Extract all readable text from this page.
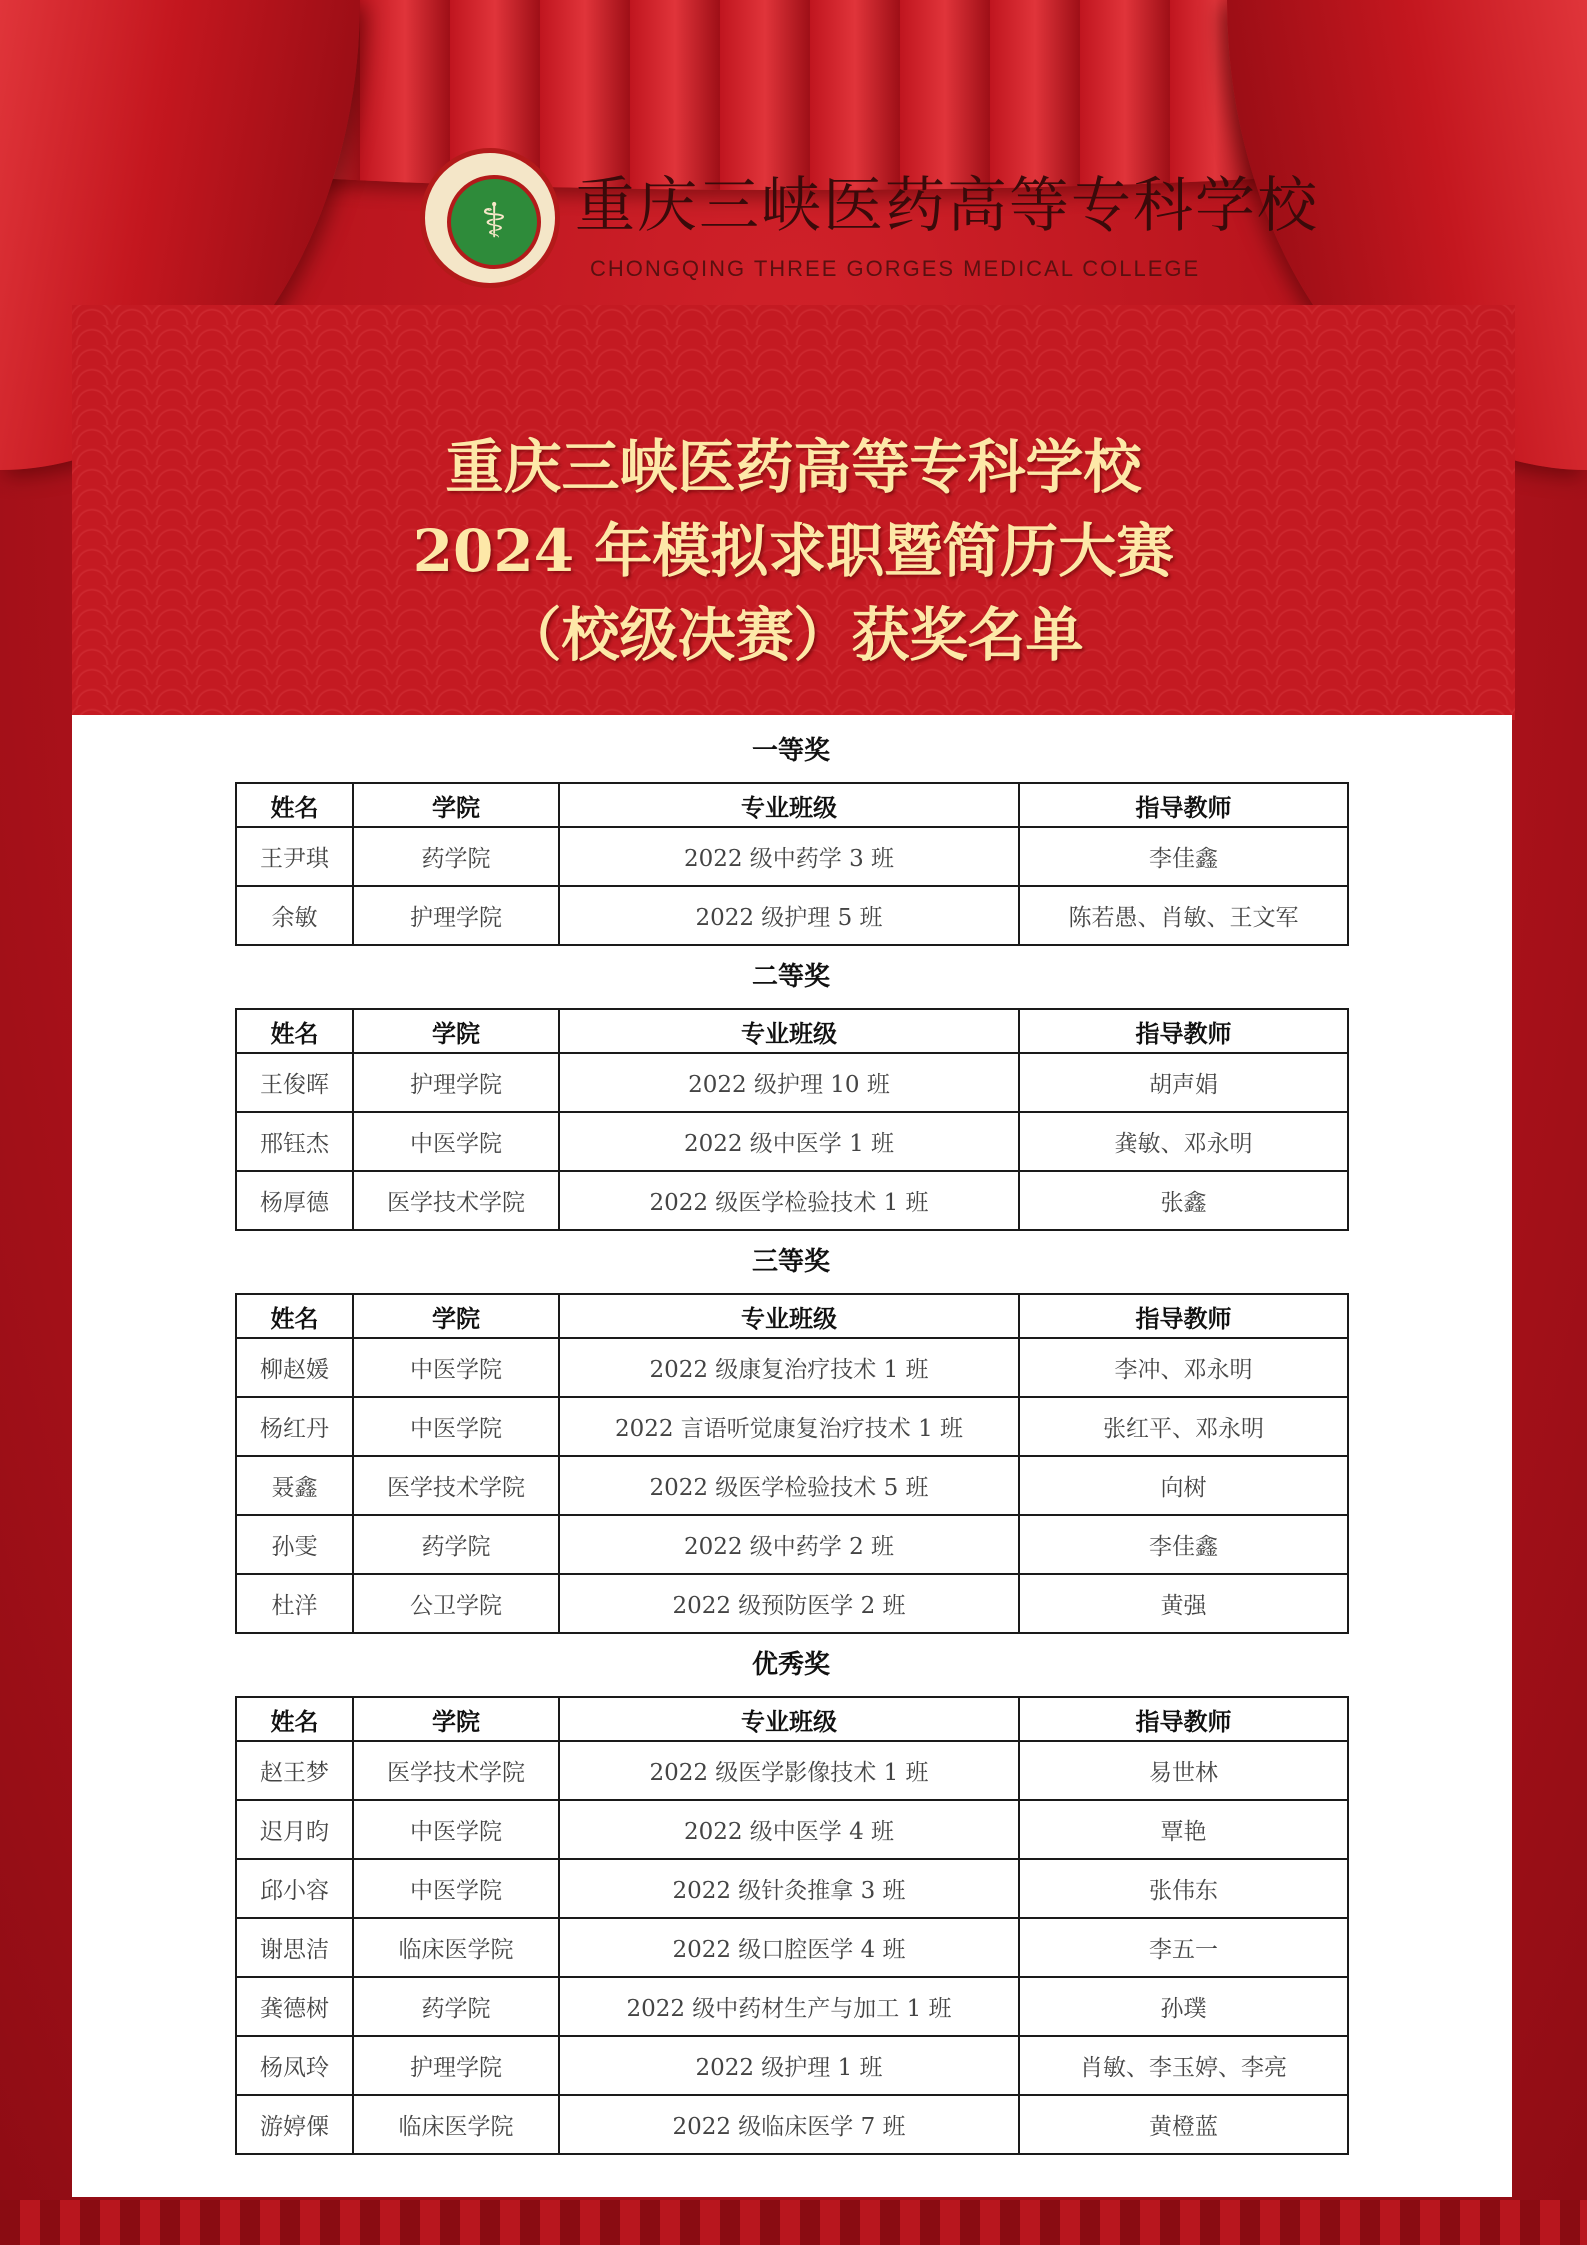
⚕	重庆三峡医药高等专科学校
CHONGQING THREE GORGES MEDICAL COLLEGE
重庆三峡医药高等专科学校
2024 年模拟求职暨简历大赛
（校级决赛）获奖名单
一等奖
姓名	学院	专业班级	指导教师
王尹琪	药学院	2022 级中药学 3 班	李佳鑫
余敏	护理学院	2022 级护理 5 班	陈若愚、肖敏、王文军
二等奖
姓名	学院	专业班级	指导教师
王俊晖	护理学院	2022 级护理 10 班	胡声娟
邢钰杰	中医学院	2022 级中医学 1 班	龚敏、邓永明
杨厚德	医学技术学院	2022 级医学检验技术 1 班	张鑫
三等奖
姓名	学院	专业班级	指导教师
柳赵媛	中医学院	2022 级康复治疗技术 1 班	李冲、邓永明
杨红丹	中医学院	2022 言语听觉康复治疗技术 1 班	张红平、邓永明
聂鑫	医学技术学院	2022 级医学检验技术 5 班	向树
孙雯	药学院	2022 级中药学 2 班	李佳鑫
杜洋	公卫学院	2022 级预防医学 2 班	黄强
优秀奖
姓名	学院	专业班级	指导教师
赵王梦	医学技术学院	2022 级医学影像技术 1 班	易世林
迟月昀	中医学院	2022 级中医学 4 班	覃艳
邱小容	中医学院	2022 级针灸推拿 3 班	张伟东
谢思洁	临床医学院	2022 级口腔医学 4 班	李五一
龚德树	药学院	2022 级中药材生产与加工 1 班	孙璞
杨凤玲	护理学院	2022 级护理 1 班	肖敏、李玉婷、李亮
游婷傈	临床医学院	2022 级临床医学 7 班	黄橙蓝
